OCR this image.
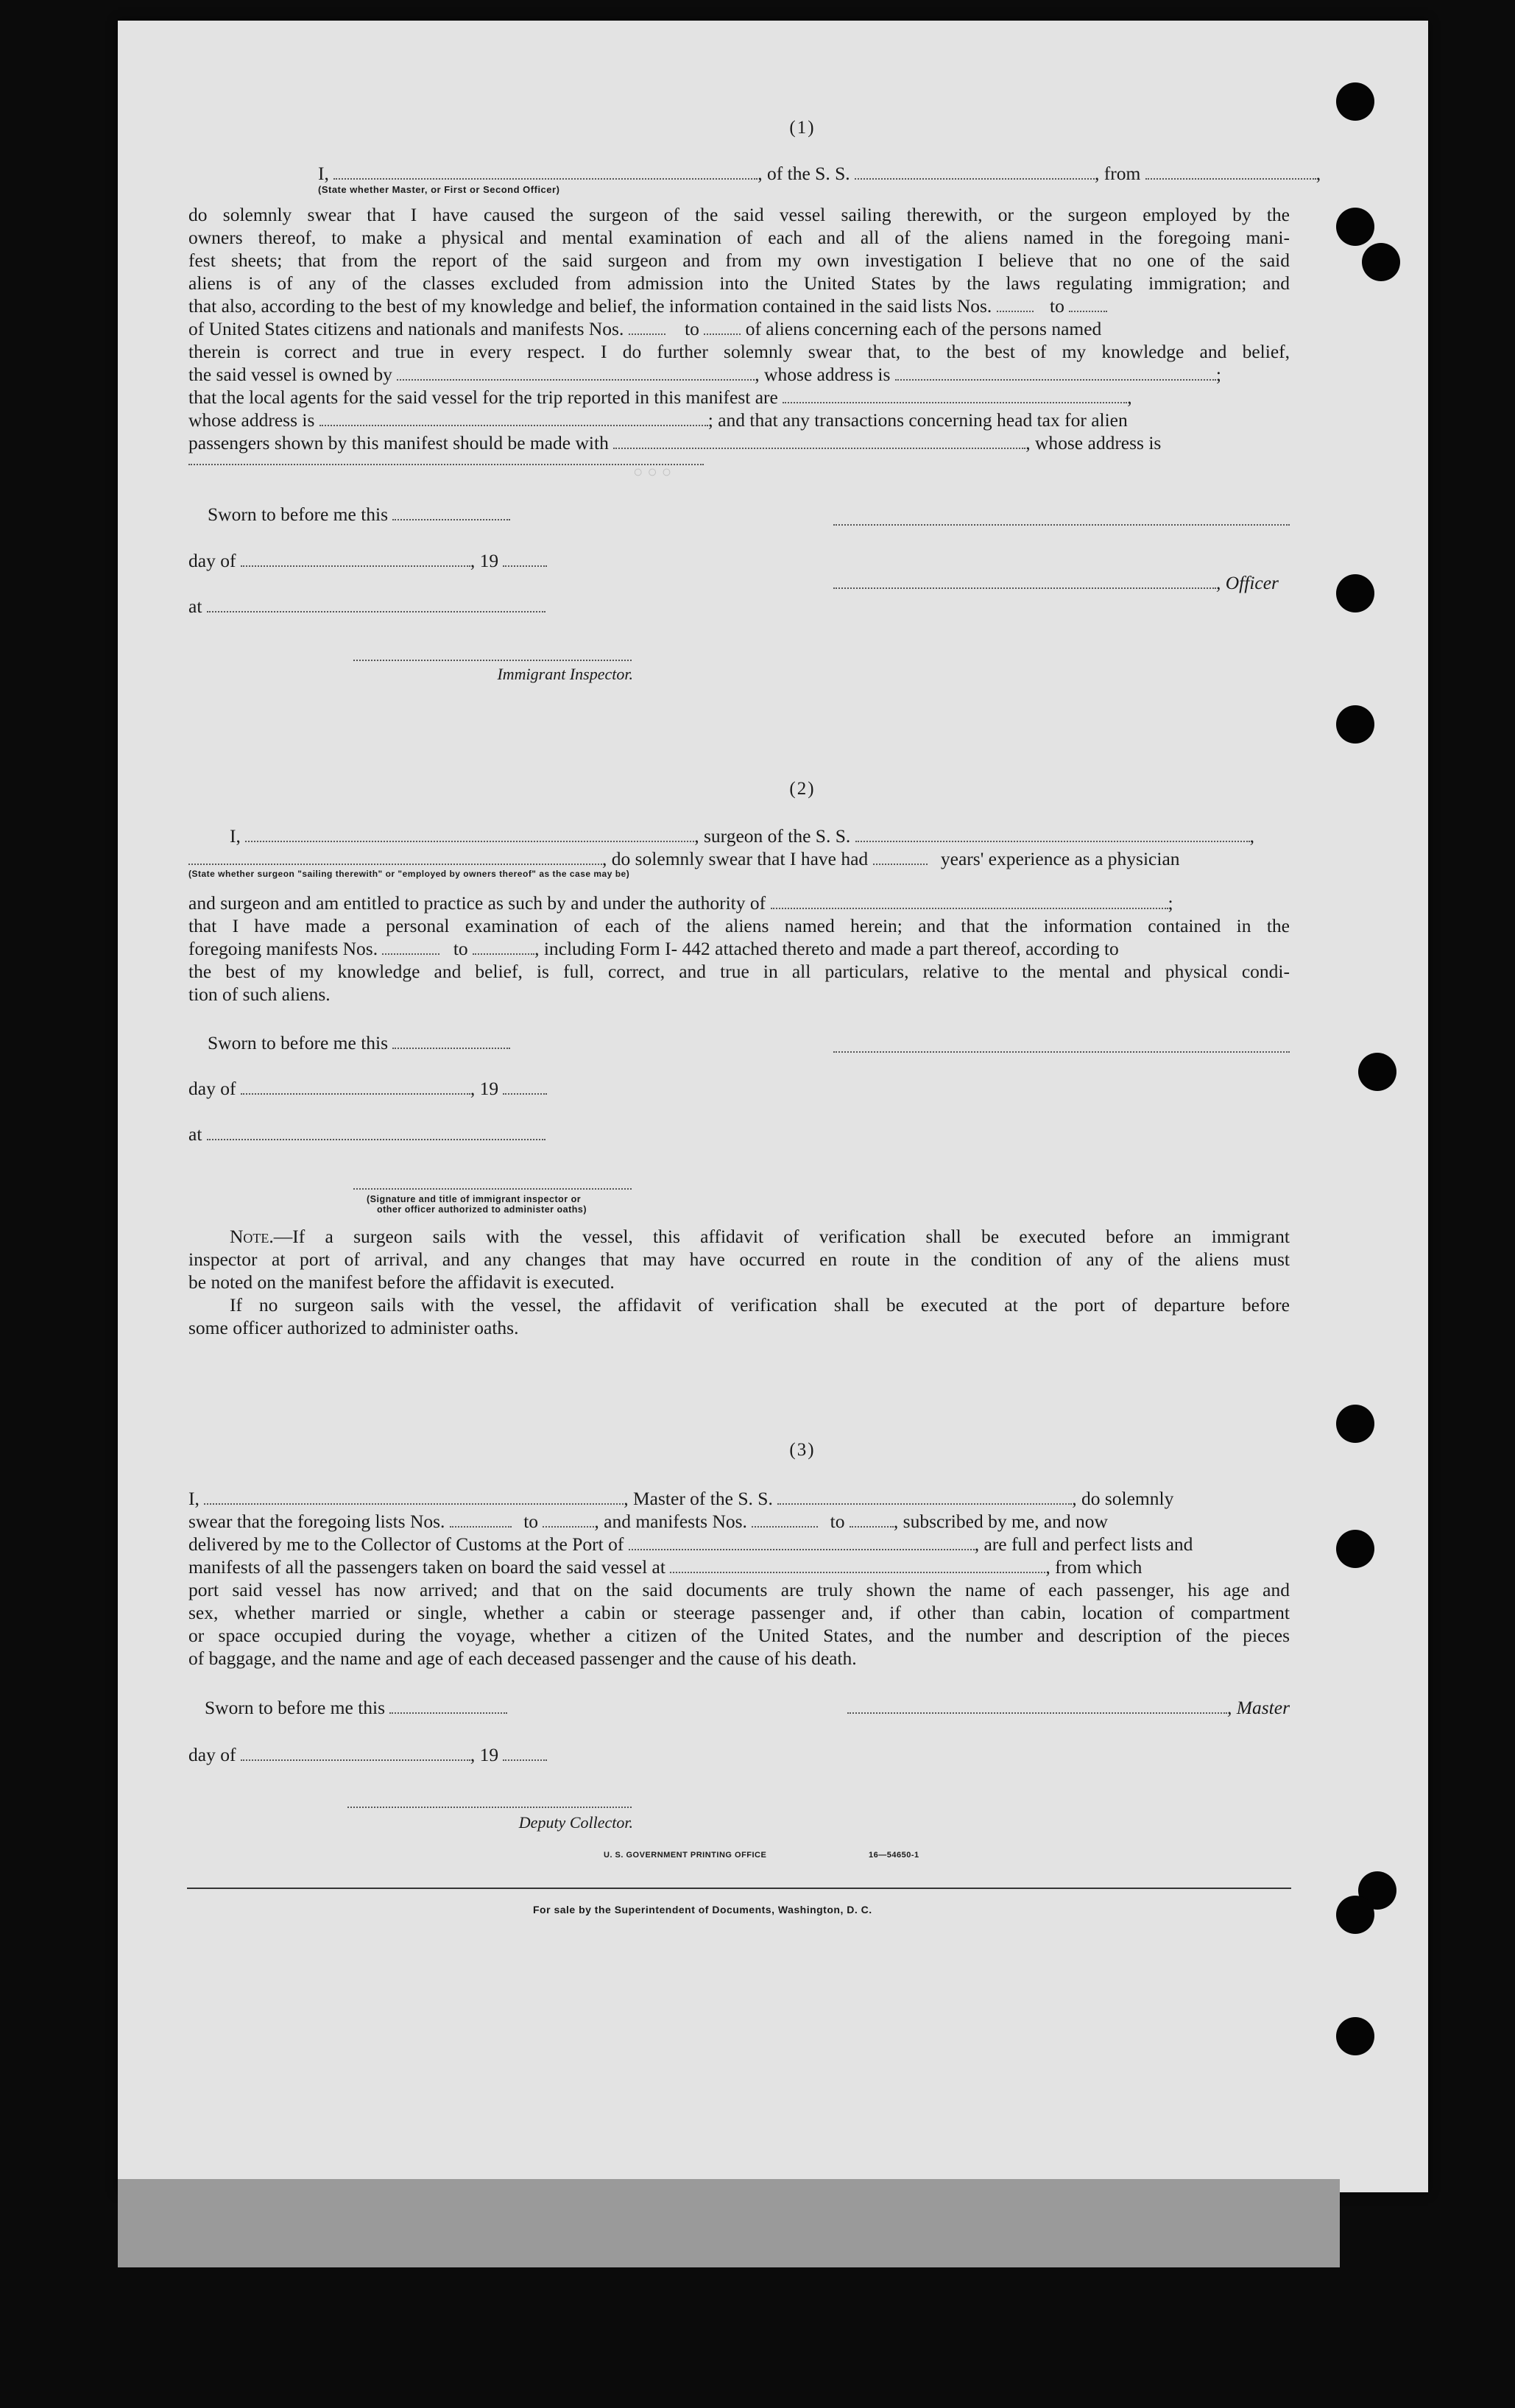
(1)
I,	, of the S. S.	, from	,
(State whether Master, or First or Second Officer)
do solemnly swear that I have caused the surgeon of the said vessel sailing therewith, or the surgeon employed by the
owners thereof, to make a physical and mental examination of each and all of the aliens named in the foregoing mani-
fest sheets; that from the report of the said surgeon and from my own investigation I believe that no one of the said
aliens is of any of the classes excluded from admission into the United States by the laws regulating immigration; and
that also, according to the best of my knowledge and belief, the information contained in the said lists Nos.	to
of United States citizens and nationals and manifests Nos.	to of aliens concerning each of the persons named
therein is correct and true in every respect. I do further solemnly swear that, to the best of my knowledge and belief,
the said vessel is owned by	, whose address is	;
that the local agents for the said vessel for the trip reported in this manifest are	,
whose address is	; and that any transactions concerning head tax for alien
passengers shown by this manifest should be made with	, whose address is
Sworn to before me this
day of	, 19
, Officer
at
Immigrant Inspector.
○ ○ ○
(2)
I,	, surgeon of the S. S.	,
, do solemnly swear that I have had	years' experience as a physician
(State whether surgeon "sailing therewith" or "employed by owners thereof" as the case may be)
and surgeon and am entitled to practice as such by and under the authority of	;
that I have made a personal examination of each of the aliens named herein; and that the information contained in the
foregoing manifests Nos.	to	, including Form I- 442 attached thereto and made a part thereof, according to
the best of my knowledge and belief, is full, correct, and true in all particulars, relative to the mental and physical condi-
tion of such aliens.
Sworn to before me this
day of	, 19
at
(Signature and title of immigrant inspector or
other officer authorized to administer oaths)
Note.—If a surgeon sails with the vessel, this affidavit of verification shall be executed before an immigrant
inspector at port of arrival, and any changes that may have occurred en route in the condition of any of the aliens must
be noted on the manifest before the affidavit is executed.
If no surgeon sails with the vessel, the affidavit of verification shall be executed at the port of departure before
some officer authorized to administer oaths.
(3)
I,	, Master of the S. S.	, do solemnly
swear that the foregoing lists Nos.	to	, and manifests Nos.	to	, subscribed by me, and now
delivered by me to the Collector of Customs at the Port of	, are full and perfect lists and
manifests of all the passengers taken on board the said vessel at	, from which
port said vessel has now arrived; and that on the said documents are truly shown the name of each passenger, his age and
sex, whether married or single, whether a cabin or steerage passenger and, if other than cabin, location of compartment
or space occupied during the voyage, whether a citizen of the United States, and the number and description of the pieces
of baggage, and the name and age of each deceased passenger and the cause of his death.
Sworn to before me this	, Master
day of	, 19
Deputy Collector.
U. S. GOVERNMENT PRINTING OFFICE	16—54650-1
For sale by the Superintendent of Documents, Washington, D. C.
